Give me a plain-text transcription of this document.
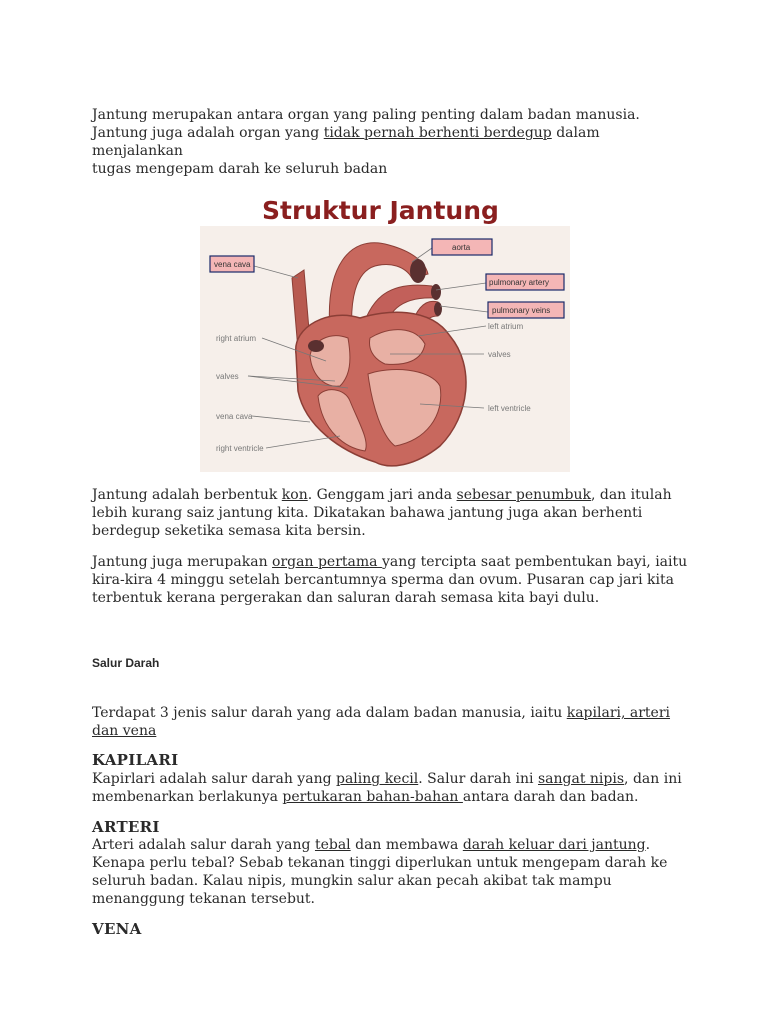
Jantung merupakan antara organ yang paling penting dalam badan manusia.

Jantung juga adalah organ yang tidak pernah berhenti berdegup dalam menjalankan

tugas mengepam darah ke seluruh badan

Struktur Jantung
vena cava
aorta
pulmonary artery
pulmonary veins
left atrium
valves
left ventricle
right atrium
valves
vena cava
right ventricle

Jantung adalah berbentuk kon. Genggam jari anda sebesar penumbuk, dan itulah lebih kurang saiz jantung kita. Dikatakan bahawa jantung juga akan berhenti berdegup seketika semasa kita bersin.

Jantung juga merupakan organ pertama yang tercipta saat pembentukan bayi, iaitu kira-kira 4 minggu setelah bercantumnya sperma dan ovum. Pusaran cap jari kita terbentuk kerana pergerakan dan saluran darah semasa kita bayi dulu.

Salur Darah

Terdapat 3 jenis salur darah yang ada dalam badan manusia, iaitu kapilari, arteri dan vena

KAPILARI

Kapirlari adalah salur darah yang paling kecil. Salur darah ini sangat nipis, dan ini membenarkan berlakunya pertukaran bahan-bahan antara darah dan badan.

ARTERI

Arteri adalah salur darah yang tebal dan membawa darah keluar dari jantung. Kenapa perlu tebal? Sebab tekanan tinggi diperlukan untuk mengepam darah ke seluruh badan. Kalau nipis, mungkin salur akan pecah akibat tak mampu menanggung tekanan tersebut.

VENA
